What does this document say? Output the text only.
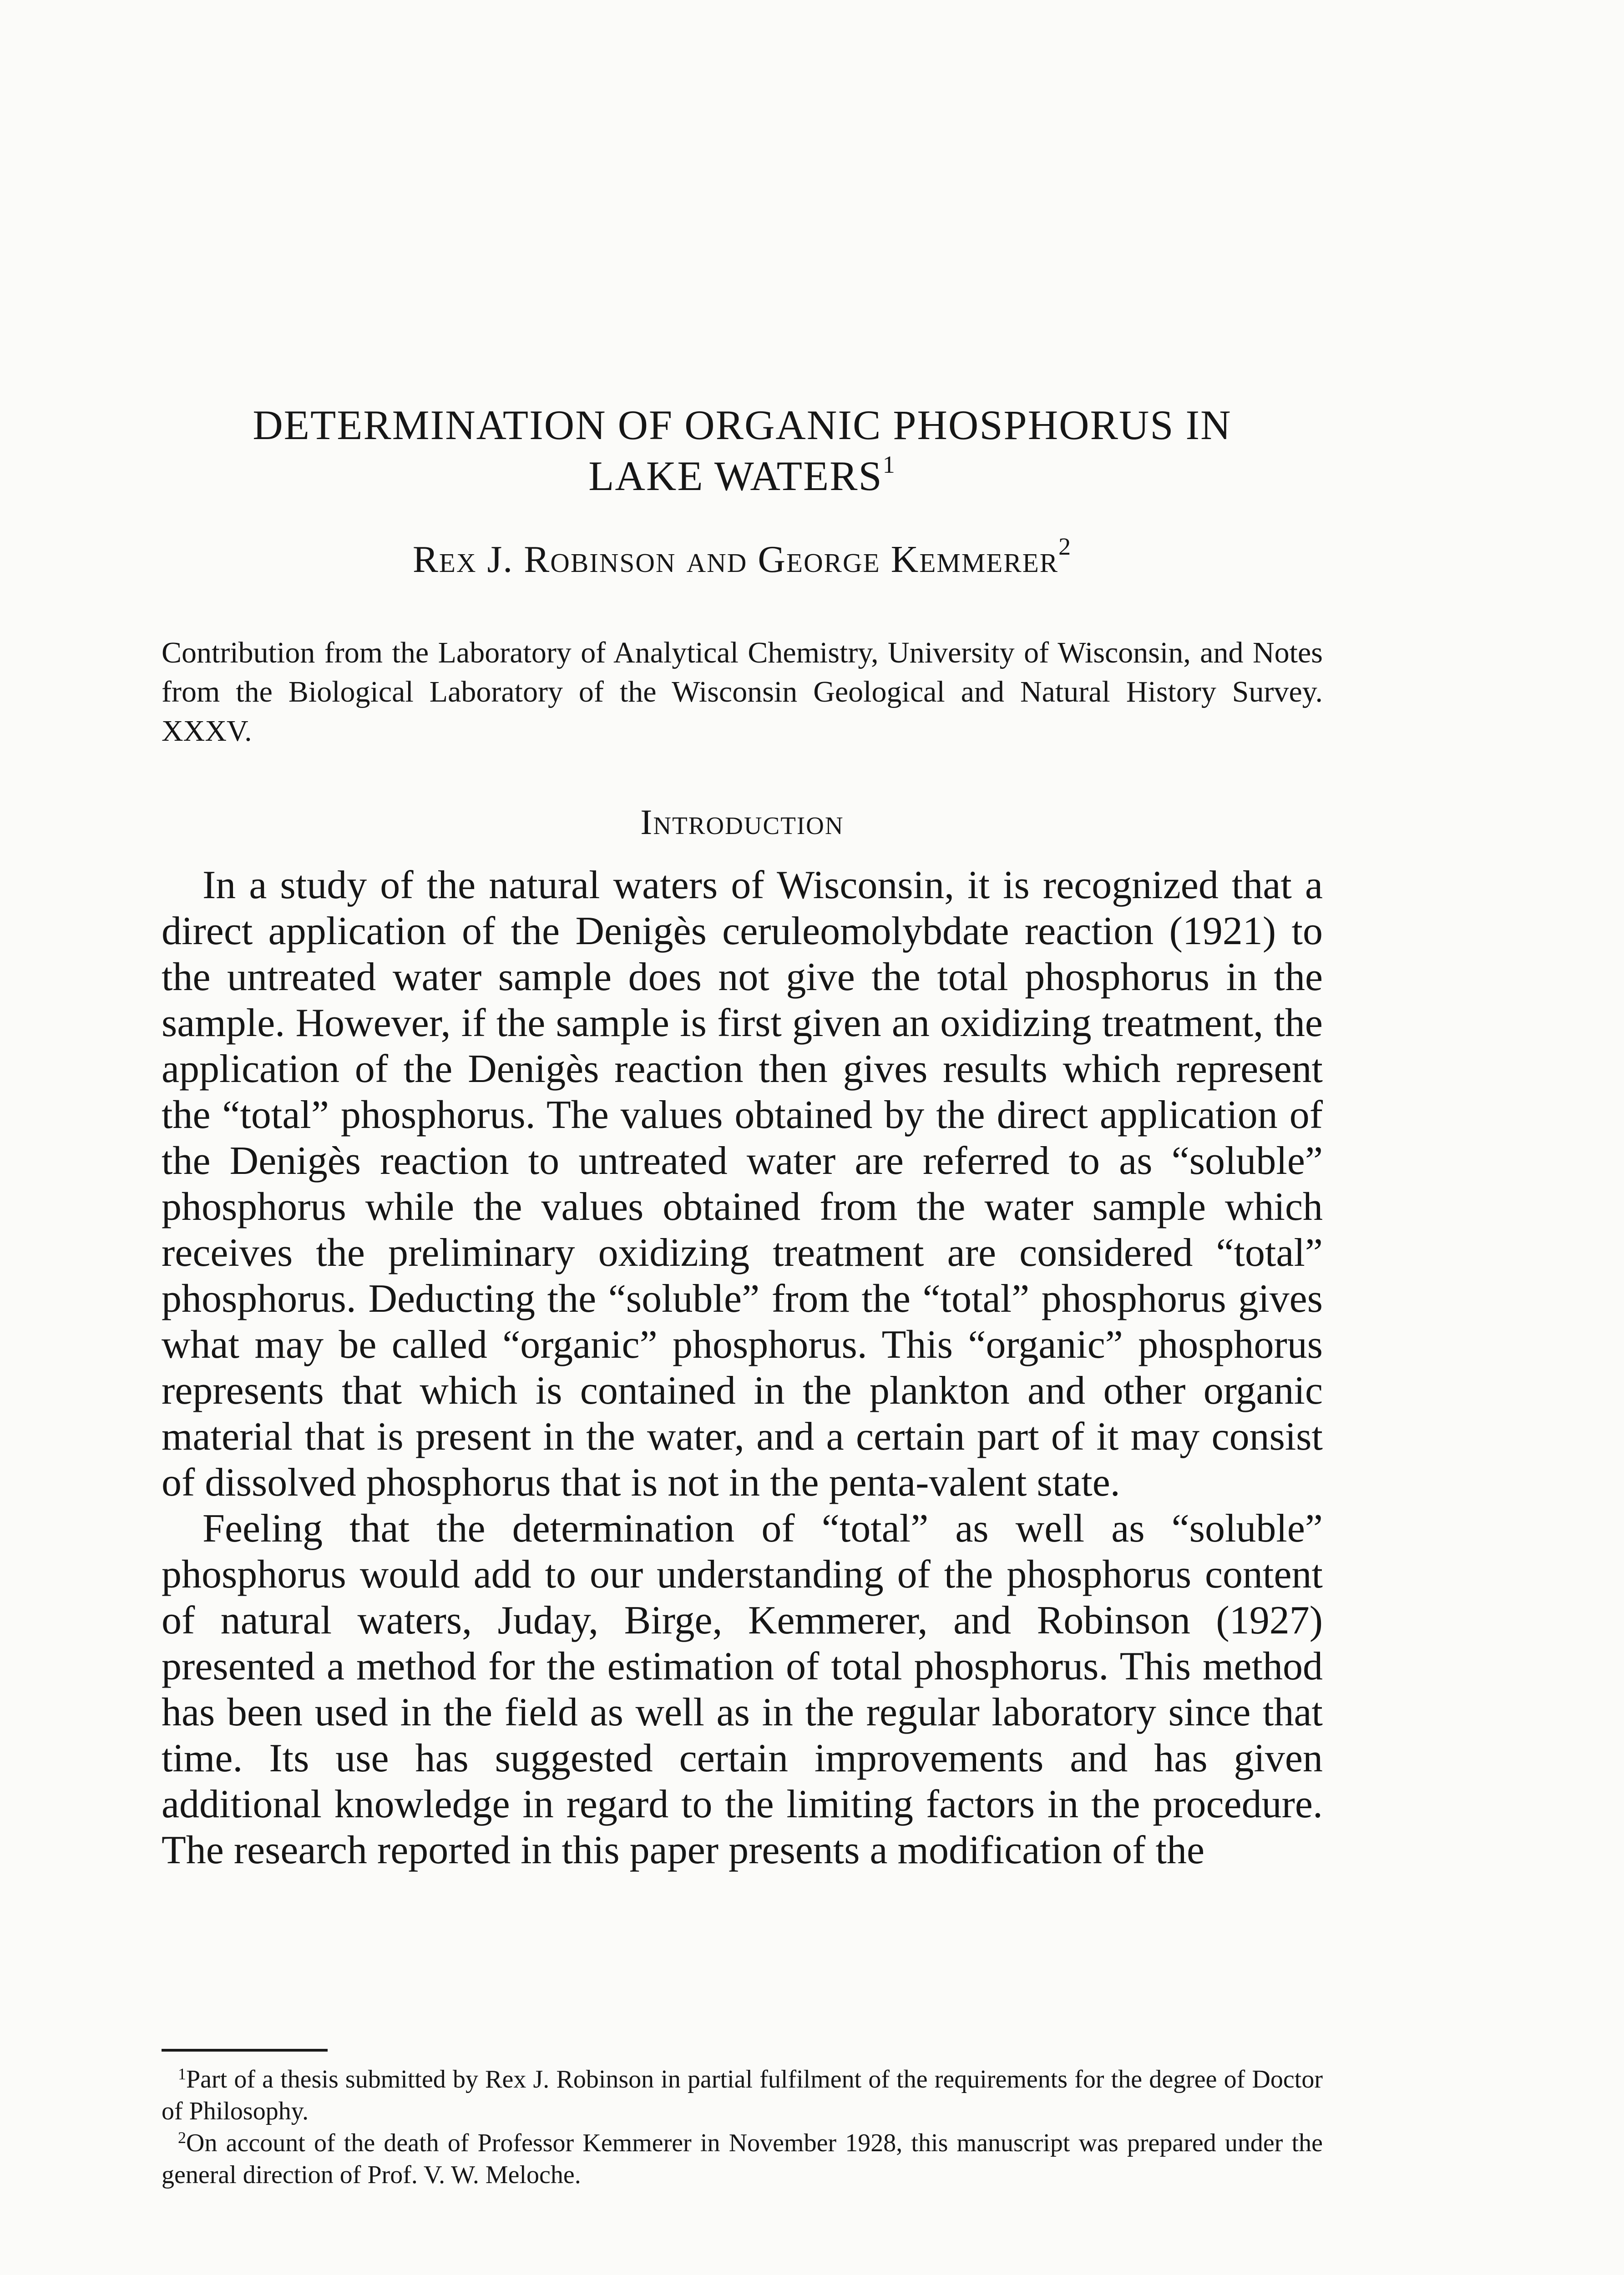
DETERMINATION OF ORGANIC PHOSPHORUS IN
LAKE WATERS$^1$
Rex J. Robinson and George Kemmerer$^2$
Contribution from the Laboratory of Analytical Chemistry, University of Wisconsin, and Notes from the Biological Laboratory of the Wisconsin Geological and Natural History Survey. XXXV.
Introduction

In a study of the natural waters of Wisconsin, it is recognized that a direct application of the Denigès ceruleomolybdate reaction (1921) to the untreated water sample does not give the total phosphorus in the sample. However, if the sample is first given an oxidizing treatment, the application of the Denigès reaction then gives results which represent the “total” phosphorus. The values obtained by the direct application of the Denigès reaction to untreated water are referred to as “soluble” phosphorus while the values obtained from the water sample which receives the preliminary oxidizing treatment are considered “total” phosphorus. Deducting the “soluble” from the “total” phosphorus gives what may be called “organic” phosphorus. This “organic” phosphorus represents that which is contained in the plankton and other organic material that is present in the water, and a certain part of it may consist of dissolved phosphorus that is not in the penta-valent state.

Feeling that the determination of “total” as well as “soluble” phosphorus would add to our understanding of the phosphorus content of natural waters, Juday, Birge, Kemmerer, and Robinson (1927) presented a method for the estimation of total phosphorus. This method has been used in the field as well as in the regular laboratory since that time. Its use has suggested certain improvements and has given additional knowledge in regard to the limiting factors in the procedure. The research reported in this paper presents a modification of the

$^1$Part of a thesis submitted by Rex J. Robinson in partial fulfilment of the requirements for the degree of Doctor of Philosophy.

$^2$On account of the death of Professor Kemmerer in November 1928, this manuscript was prepared under the general direction of Prof. V. W. Meloche.
